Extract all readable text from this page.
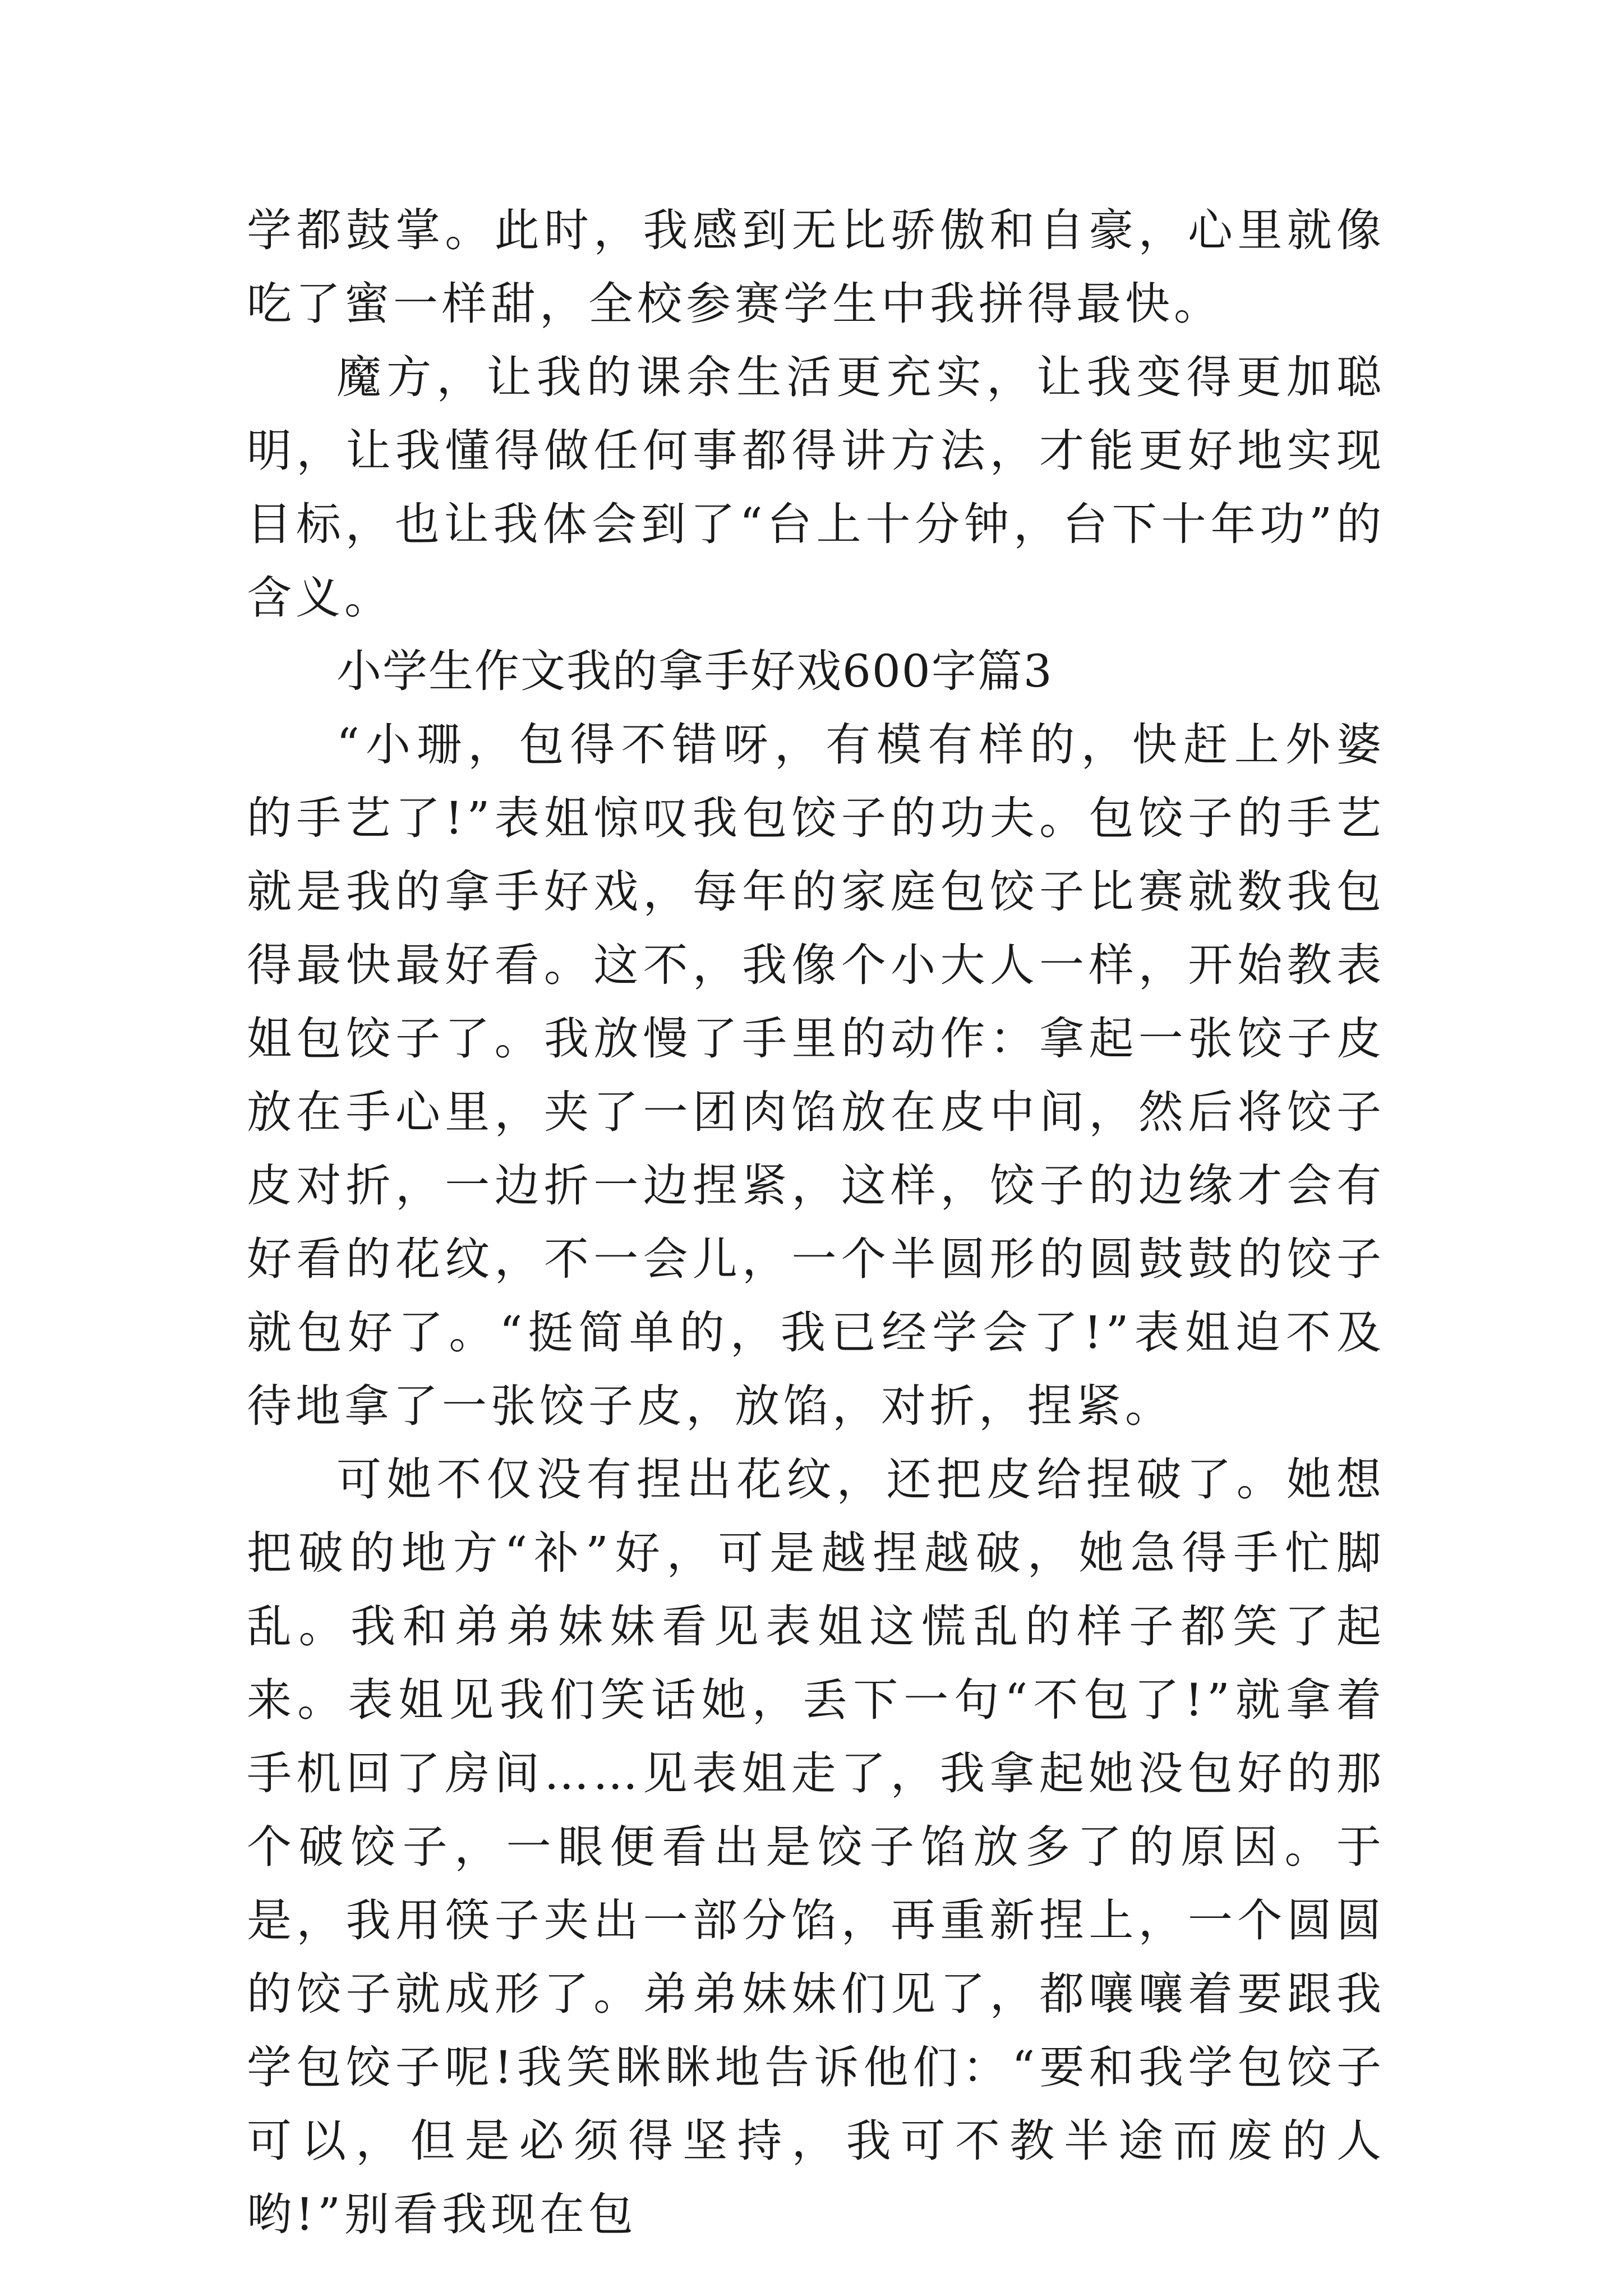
学都鼓掌。此时，我感到无比骄傲和自豪，心里就像吃了蜜一样甜，全校参赛学生中我拼得最快。

魔方，让我的课余生活更充实，让我变得更加聪明，让我懂得做任何事都得讲方法，才能更好地实现目标，也让我体会到了“台上十分钟，台下十年功”的含义。

小学生作文我的拿手好戏600字篇3

“小珊，包得不错呀，有模有样的，快赶上外婆的手艺了!”表姐惊叹我包饺子的功夫。包饺子的手艺就是我的拿手好戏，每年的家庭包饺子比赛就数我包得最快最好看。这不，我像个小大人一样，开始教表姐包饺子了。我放慢了手里的动作：拿起一张饺子皮放在手心里，夹了一团肉馅放在皮中间，然后将饺子皮对折，一边折一边捏紧，这样，饺子的边缘才会有好看的花纹，不一会儿，一个半圆形的圆鼓鼓的饺子就包好了。“挺简单的，我已经学会了!”表姐迫不及待地拿了一张饺子皮，放馅，对折，捏紧。

可她不仅没有捏出花纹，还把皮给捏破了。她想把破的地方“补”好，可是越捏越破，她急得手忙脚乱。我和弟弟妹妹看见表姐这慌乱的样子都笑了起来。表姐见我们笑话她，丢下一句“不包了!”就拿着手机回了房间……见表姐走了，我拿起她没包好的那个破饺子，一眼便看出是饺子馅放多了的原因。于是，我用筷子夹出一部分馅，再重新捏上，一个圆圆的饺子就成形了。弟弟妹妹们见了，都嚷嚷着要跟我学包饺子呢!我笑眯眯地告诉他们：“要和我学包饺子可以，但是必须得坚持，我可不教半途而废的人哟!”别看我现在包
